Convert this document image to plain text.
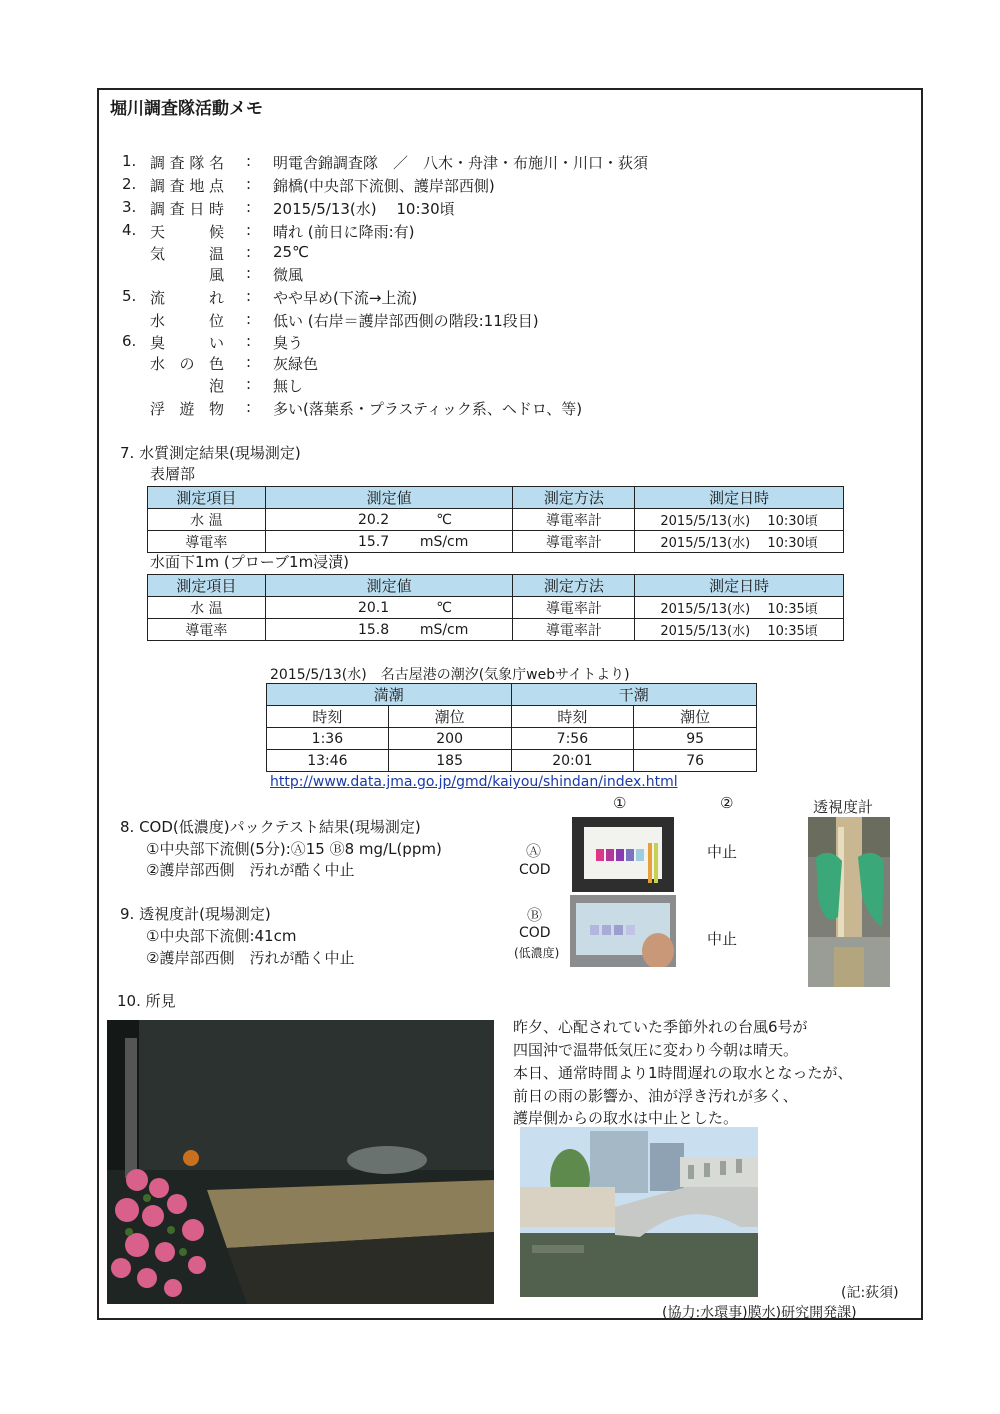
堀川調査隊活動メモ
1. 調査隊名 : 明電舎錦調査隊　／　八木・舟津・布施川・川口・荻須
2. 調査地点 : 錦橋(中央部下流側、護岸部西側)
3. 調査日時 : 2015/5/13(水)　 10:30頃
4. 天　 候 : 晴れ (前日に降雨:有)
気　 温 : 25℃
風 : 微風
5. 流　 れ : やや早め(下流→上流)
水　 位 : 低い (右岸＝護岸部西側の階段:11段目)
6. 臭　い : 臭う
水 の 色 : 灰緑色
泡 : 無し
浮 遊 物 : 多い(落葉系・プラスティック系、ヘドロ、等)
7. 水質測定結果(現場測定)
表層部
測定項目	測定値	測定方法	測定日時
水 温	20.2 ℃	導電率計	2015/5/13(水)　 10:30頃
導電率	15.7 mS/cm	導電率計	2015/5/13(水)　 10:30頃
水面下1m (プローブ1m浸漬)
測定項目	測定値	測定方法	測定日時
水 温	20.1 ℃	導電率計	2015/5/13(水)　 10:35頃
導電率	15.8 mS/cm	導電率計	2015/5/13(水)　 10:35頃
2015/5/13(水)　名古屋港の潮汐(気象庁webサイトより)
満潮		干潮	
時刻	潮位	時刻	潮位
1:36	200	7:56	95
13:46	185	20:01	76
http://www.data.jma.go.jp/gmd/kaiyou/shindan/index.html
8. COD(低濃度)パックテスト結果(現場測定)
①中央部下流側(5分):Ⓐ15 Ⓑ8 mg/L(ppm)
②護岸部西側　汚れが酷く中止
①	②	透視度計
Ⓐ
COD
中止
9. 透視度計(現場測定)
①中央部下流側:41cm
②護岸部西側　汚れが酷く中止
Ⓑ
COD
(低濃度)
中止
10. 所見
昨夕、心配されていた季節外れの台風6号が
四国沖で温帯低気圧に変わり今朝は晴天。
本日、通常時間より1時間遅れの取水となったが、
前日の雨の影響か、油が浮き汚れが多く、
護岸側からの取水は中止とした。
(記:荻須)
(協力:水環事)膜水)研究開発課)
